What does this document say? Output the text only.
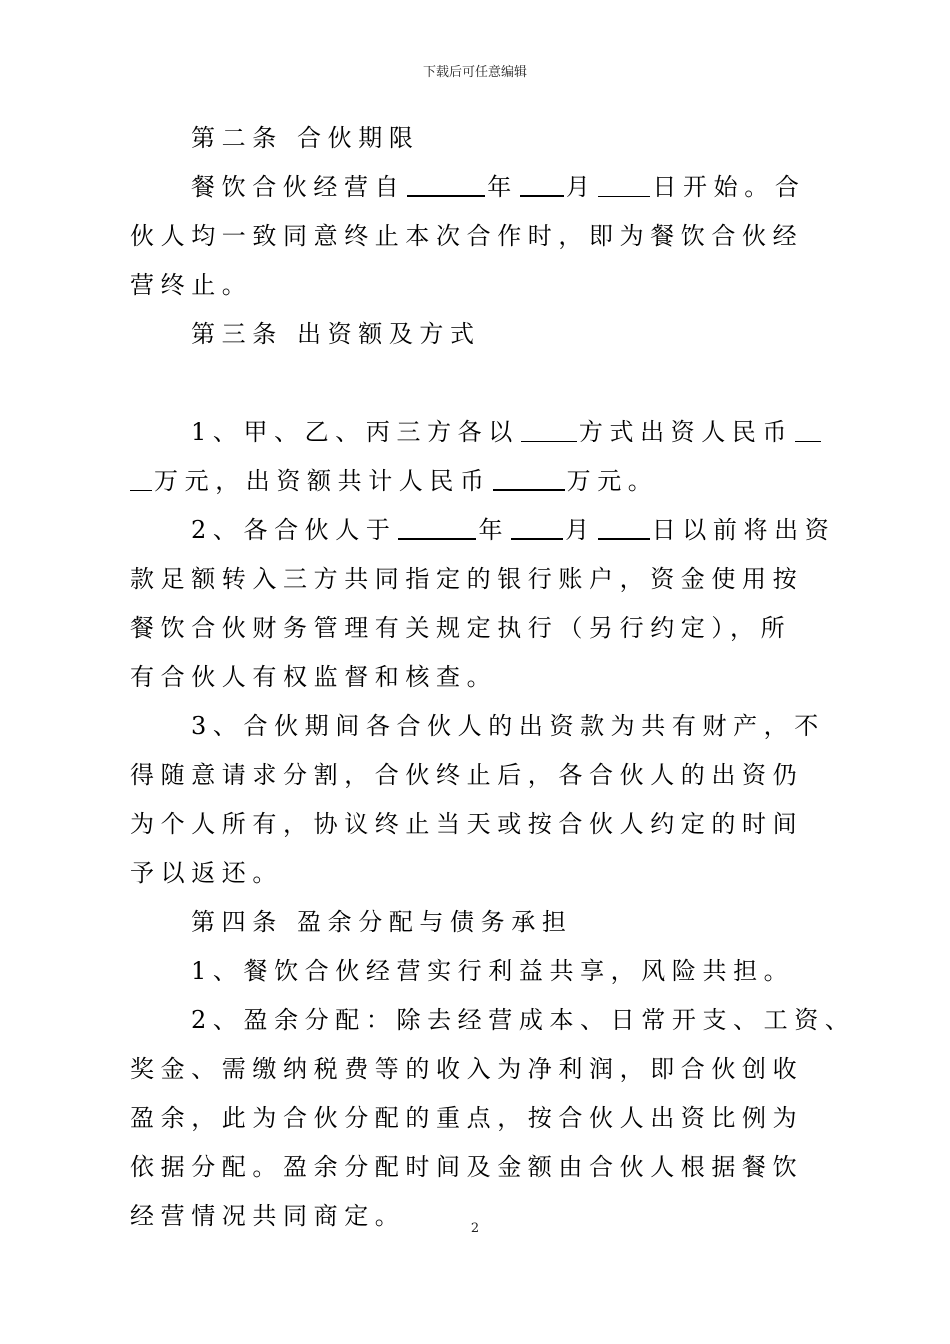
下载后可任意编辑
第二条 合伙期限
餐饮合伙经营自	年 月 日开始。合
伙人均一致同意终止本次合作时，即为餐饮合伙经
营终止。
第三条 出资额及方式
1、甲、乙、丙三方各以	方式出资人民币
万元，出资额共计人民币	万元。
2、各合伙人于	年 月 日以前将出资
款足额转入三方共同指定的银行账户，资金使用按
餐饮合伙财务管理有关规定执行（另行约定），所
有合伙人有权监督和核查。
3、合伙期间各合伙人的出资款为共有财产，不
得随意请求分割，合伙终止后，各合伙人的出资仍
为个人所有，协议终止当天或按合伙人约定的时间
予以返还。
第四条 盈余分配与债务承担
1、餐饮合伙经营实行利益共享，风险共担。
2、盈余分配：除去经营成本、日常开支、工资、
奖金、需缴纳税费等的收入为净利润，即合伙创收
盈余，此为合伙分配的重点，按合伙人出资比例为
依据分配。盈余分配时间及金额由合伙人根据餐饮
经营情况共同商定。	2
